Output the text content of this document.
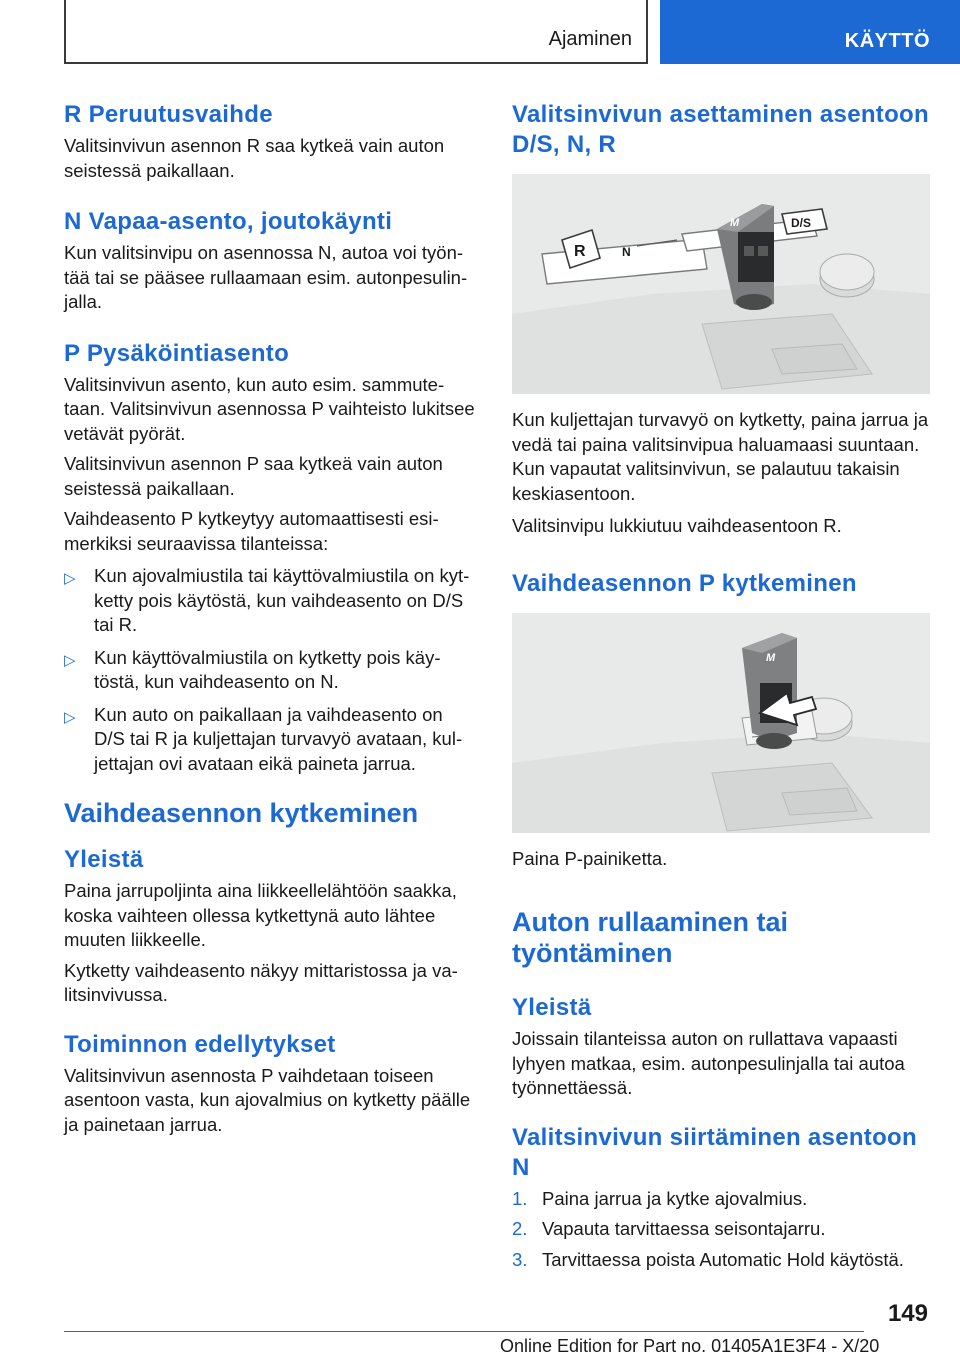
Ajaminen	KÄYTTÖ
R Peruutusvaihde

Valitsinvivun asennon R saa kytkeä vain auton seistessä paikallaan.

N Vapaa-asento, joutokäynti

Kun valitsinvipu on asennossa N, autoa voi työntää tai se pääsee rullaamaan esim. autonpesulinjalla.

P Pysäköintiasento

Valitsinvivun asento, kun auto esim. sammutetaan. Valitsinvivun asennossa P vaihteisto lukitsee vetävät pyörät.

Valitsinvivun asennon P saa kytkeä vain auton seistessä paikallaan.

Vaihdeasento P kytkeytyy automaattisesti esimerkiksi seuraavissa tilanteissa:

▷ Kun ajovalmiustila tai käyttövalmiustila on kytketty pois käytöstä, kun vaihdeasento on D/S tai R.
▷ Kun käyttövalmiustila on kytketty pois käytöstä, kun vaihdeasento on N.
▷ Kun auto on paikallaan ja vaihdeasento on D/S tai R ja kuljettajan turvavyö avataan, kuljettajan ovi avataan eikä paineta jarrua.
Vaihdeasennon kytkeminen
Yleistä

Paina jarrupoljinta aina liikkeellelähtöön saakka, koska vaihteen ollessa kytkettynä auto lähtee muuten liikkeelle.

Kytketty vaihdeasento näkyy mittaristossa ja valitsinvivussa.

Toiminnon edellytykset

Valitsinvivun asennosta P vaihdetaan toiseen asentoon vasta, kun ajovalmius on kytketty päälle ja painetaan jarrua.

Valitsinvivun asettaminen asentoon D/S, N, R
M
R	N
D/S

Kun kuljettajan turvavyö on kytketty, paina jarrua ja vedä tai paina valitsinvipua haluamaasi suuntaan. Kun vapautat valitsinvivun, se palautuu takaisin keskiasentoon.

Valitsinvipu lukkiutuu vaihdeasentoon R.

Vaihdeasennon P kytkeminen
M

Paina P-painiketta.

Auton rullaaminen tai työntäminen
Yleistä

Joissain tilanteissa auton on rullattava vapaasti lyhyen matkaa, esim. autonpesulinjalla tai autoa työnnettäessä.

Valitsinvivun siirtäminen asentoon N
1. Paina jarrua ja kytke ajovalmius.
2. Vapauta tarvittaessa seisontajarru.
3. Tarvittaessa poista Automatic Hold käytöstä.
149
Online Edition for Part no. 01405A1E3F4 - X/20
